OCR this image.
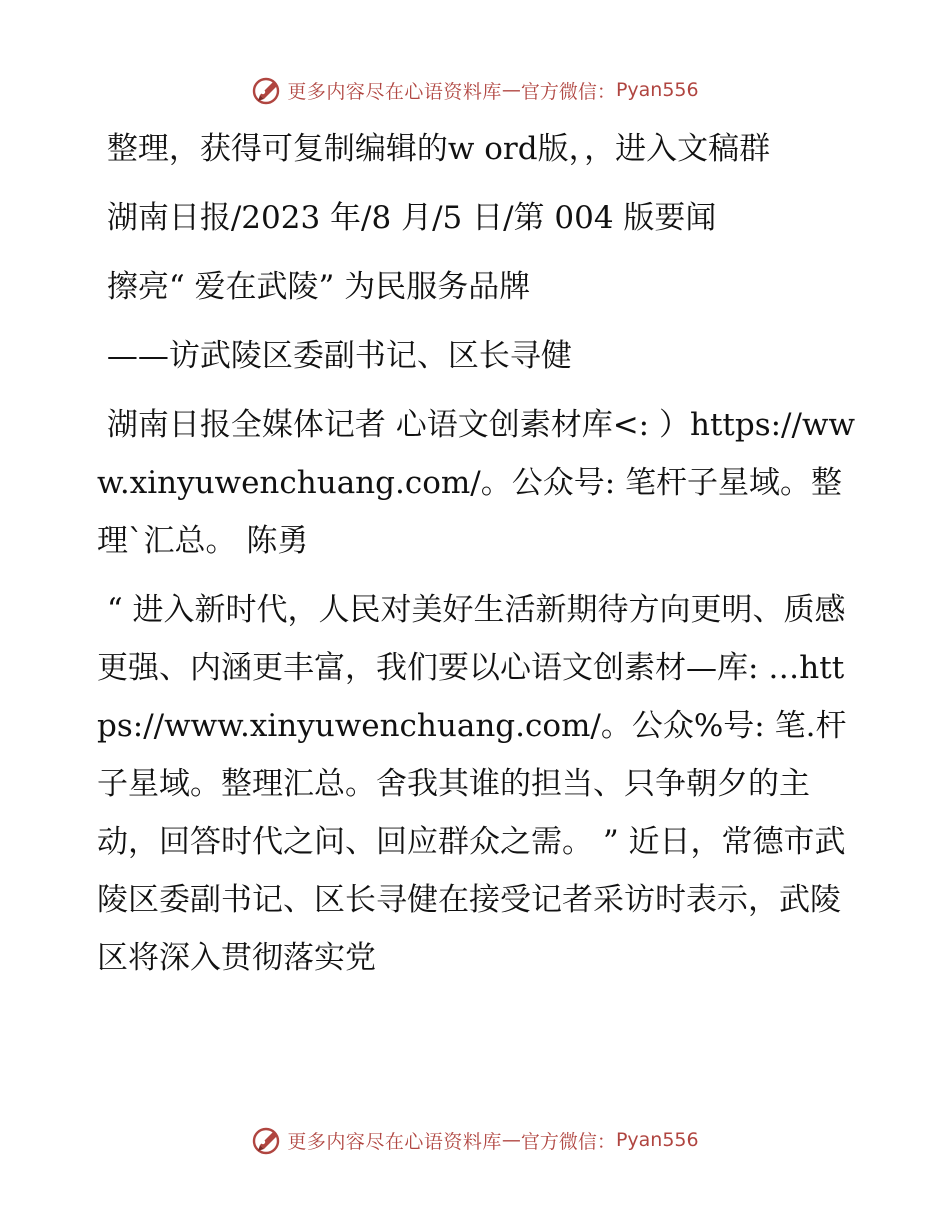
更多内容尽在心语资料库 — 官方微信： Pyan556

整理，获得可复制编辑的w ord版，，进入文稿群

湖南日报/2023 年/8 月/5 日/第 004 版要闻

擦亮“ 爱在武陵” 为民服务品牌

——访武陵区委副书记、区长寻健

湖南日报全媒体记者 心语文创素材库<: ）https://www.xinyuwenchuang.com/。公众号: 笔杆子星域。整理`汇总。 陈勇

“ 进入新时代，人民对美好生活新期待方向更明、质感更强、内涵更丰富，我们要以心语文创素材—库: …https://www.xinyuwenchuang.com/。公众%号: 笔.杆子星域。整理汇总。舍我其谁的担当、只争朝夕的主动，回答时代之问、回应群众之需。 ” 近日，常德市武陵区委副书记、区长寻健在接受记者采访时表示，武陵区将深入贯彻落实党

更多内容尽在心语资料库 — 官方微信： Pyan556
